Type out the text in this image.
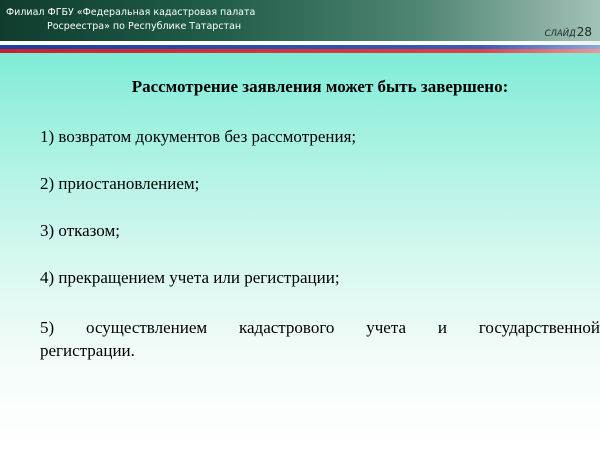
Филиал ФГБУ «Федеральная кадастровая палата
Росреестра» по Республике Татарстан
СЛАЙД28
Рассмотрение заявления может быть завершено:
1) возвратом документов без рассмотрения;
2) приостановлением;
3) отказом;
4) прекращением учета или регистрации;
5) осуществлением кадастрового учета и государственной
регистрации.
